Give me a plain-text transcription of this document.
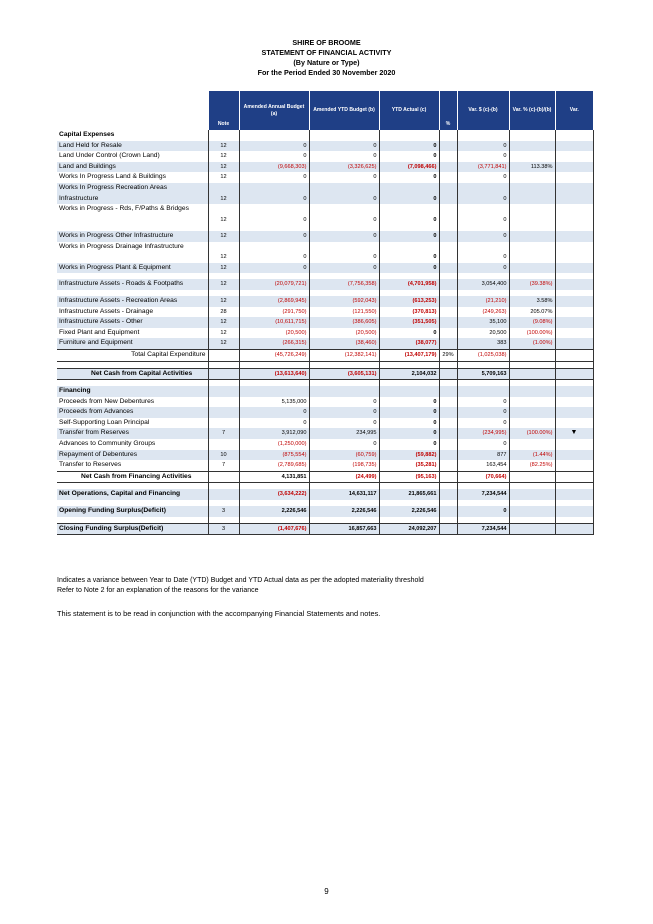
SHIRE OF BROOME
STATEMENT OF FINANCIAL ACTIVITY
(By Nature or Type)
For the Period Ended 30 November 2020
	Note	Amended Annual Budget (a)	Amended YTD Budget (b)	YTD Actual (c)	%	Var. $ (c)-(b)	Var. % (c)-(b)/(b)	Var.
Capital Expenses								
Land Held for Resale	12	0	0	0		0		
Land Under Control (Crown Land)	12	0	0	0		0		
Land and Buildings	12	(9,668,303)	(3,326,625)	(7,098,466)		(3,771,841)	113.38%	
Works In Progress Land & Buildings	12	0	0	0		0		
Works In Progress Recreation Areas Infrastructure	12	0	0	0		0		
Works in Progress - Rds, F/Paths & Bridges	12	0	0	0		0		

Works in Progress Other Infrastructure	12	0	0	0		0		
Works in Progress Drainage Infrastructure	12	0	0	0		0		
Works in Progress Plant & Equipment	12	0	0	0		0		

Infrastructure Assets - Roads & Footpaths	12	(20,079,721)	(7,756,358)	(4,701,958)		3,054,400	(39.38%)	

Infrastructure Assets - Recreation Areas	12	(2,869,945)	(592,043)	(613,253)		(21,210)	3.58%	
Infrastructure Assets - Drainage	28	(291,750)	(121,550)	(370,813)		(249,263)	205.07%	
Infrastructure Assets - Other	12	(10,611,715)	(386,605)	(351,505)		35,100	(9.08%)	
Fixed Plant and Equipment	12	(20,500)	(20,500)	0		20,500	(100.00%)	
Furniture and Equipment	12	(266,315)	(38,460)	(38,077)		383	(1.00%)	
Total Capital Expenditure		(45,726,249)	(12,382,141)	(13,407,179)	29%	(1,025,038)		

Net Cash from Capital Activities		(13,613,640)	(3,605,131)	2,104,032		5,709,163		

Financing								
Proceeds from New Debentures		5,135,000	0	0		0		
Proceeds from Advances		0	0	0		0		
Self-Supporting Loan Principal		0	0	0		0		
Transfer from Reserves	7	3,912,090	234,995	0		(234,995)	(100.00%)	▼
Advances to Community Groups		(1,250,000)	0	0		0		
Repayment of Debentures	10	(875,554)	(60,759)	(59,882)		877	(1.44%)	
Transfer to Reserves	7	(2,789,685)	(198,735)	(35,281)		163,454	(82.25%)	
Net Cash from Financing Activities		4,131,851	(24,499)	(95,163)		(70,664)		

Net Operations, Capital and Financing		(3,634,222)	14,631,117	21,865,661		7,234,544		

Opening Funding Surplus(Deficit)	3	2,226,546	2,226,546	2,226,546		0		

Closing Funding Surplus(Deficit)	3	(1,407,676)	16,857,663	24,092,207		7,234,544		
Indicates a variance between Year to Date (YTD) Budget and YTD Actual data as per the adopted materiality threshold
Refer to Note 2 for an explanation of the reasons for the variance
This statement is to be read in conjunction with the accompanying Financial Statements and notes.
9
